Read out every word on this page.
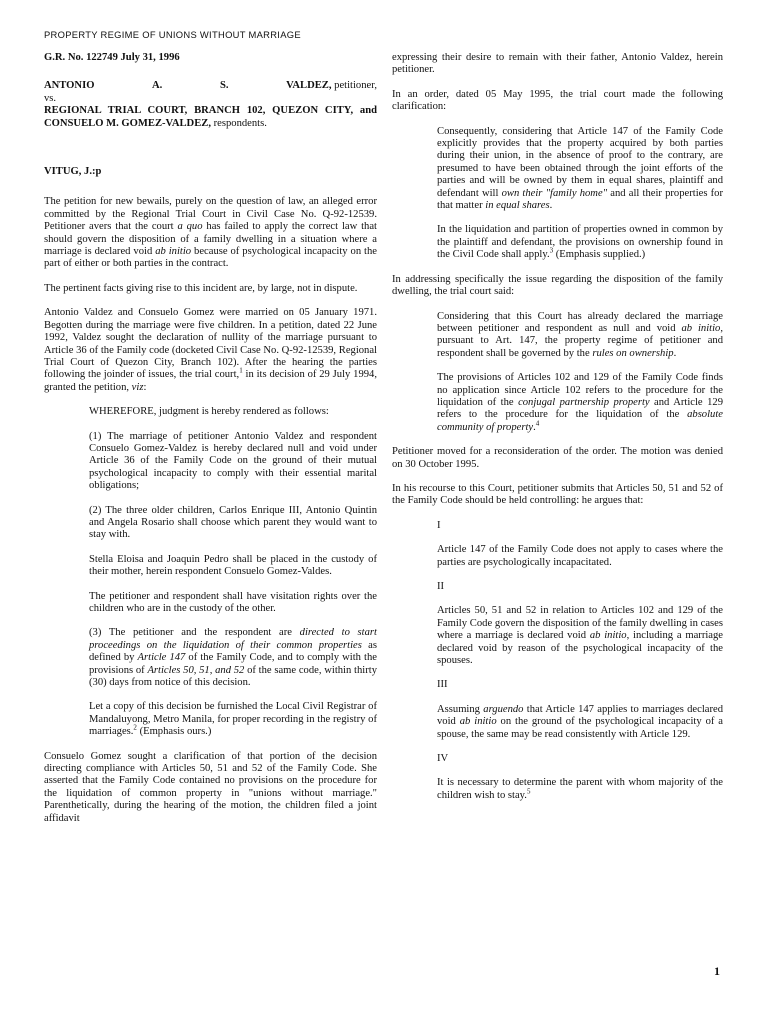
PROPERTY REGIME OF UNIONS WITHOUT MARRIAGE

G.R. No. 122749 July 31, 1996

ANTONIO	A.	S.	VALDEZ, petitioner,

vs.

REGIONAL TRIAL COURT, BRANCH 102, QUEZON CITY, and CONSUELO M. GOMEZ-VALDEZ, respondents.

VITUG, J.:p

The petition for new bewails, purely on the question of law, an alleged error committed by the Regional Trial Court in Civil Case No. Q-92-12539. Petitioner avers that the court a quo has failed to apply the correct law that should govern the disposition of a family dwelling in a situation where a marriage is declared void ab initio because of psychological incapacity on the part of either or both parties in the contract.

The pertinent facts giving rise to this incident are, by large, not in dispute.

Antonio Valdez and Consuelo Gomez were married on 05 January 1971. Begotten during the marriage were five children. In a petition, dated 22 June 1992, Valdez sought the declaration of nullity of the marriage pursuant to Article 36 of the Family code (docketed Civil Case No. Q-92-12539, Regional Trial Court of Quezon City, Branch 102). After the hearing the parties following the joinder of issues, the trial court,$^1$ in its decision of 29 July 1994, granted the petition, viz:

WHEREFORE, judgment is hereby rendered as follows:

(1) The marriage of petitioner Antonio Valdez and respondent Consuelo Gomez-Valdez is hereby declared null and void under Article 36 of the Family Code on the ground of their mutual psychological incapacity to comply with their essential marital obligations;

(2) The three older children, Carlos Enrique III, Antonio Quintin and Angela Rosario shall choose which parent they would want to stay with.

Stella Eloisa and Joaquin Pedro shall be placed in the custody of their mother, herein respondent Consuelo Gomez-Valdes.

The petitioner and respondent shall have visitation rights over the children who are in the custody of the other.

(3) The petitioner and the respondent are directed to start proceedings on the liquidation of their common properties as defined by Article 147 of the Family Code, and to comply with the provisions of Articles 50, 51, and 52 of the same code, within thirty (30) days from notice of this decision.

Let a copy of this decision be furnished the Local Civil Registrar of Mandaluyong, Metro Manila, for proper recording in the registry of marriages.$^2$ (Emphasis ours.)

Consuelo Gomez sought a clarification of that portion of the decision directing compliance with Articles 50, 51 and 52 of the Family Code. She asserted that the Family Code contained no provisions on the procedure for the liquidation of common property in "unions without marriage." Parenthetically, during the hearing of the motion, the children filed a joint affidavit

expressing their desire to remain with their father, Antonio Valdez, herein petitioner.

In an order, dated 05 May 1995, the trial court made the following clarification:

Consequently, considering that Article 147 of the Family Code explicitly provides that the property acquired by both parties during their union, in the absence of proof to the contrary, are presumed to have been obtained through the joint efforts of the parties and will be owned by them in equal shares, plaintiff and defendant will own their "family home" and all their properties for that matter in equal shares.

In the liquidation and partition of properties owned in common by the plaintiff and defendant, the provisions on ownership found in the Civil Code shall apply.$^3$ (Emphasis supplied.)

In addressing specifically the issue regarding the disposition of the family dwelling, the trial court said:

Considering that this Court has already declared the marriage between petitioner and respondent as null and void ab initio, pursuant to Art. 147, the property regime of petitioner and respondent shall be governed by the rules on ownership.

The provisions of Articles 102 and 129 of the Family Code finds no application since Article 102 refers to the procedure for the liquidation of the conjugal partnership property and Article 129 refers to the procedure for the liquidation of the absolute community of property.$^4$

Petitioner moved for a reconsideration of the order. The motion was denied on 30 October 1995.

In his recourse to this Court, petitioner submits that Articles 50, 51 and 52 of the Family Code should be held controlling: he argues that:

I

Article 147 of the Family Code does not apply to cases where the parties are psychologically incapacitated.

II

Articles 50, 51 and 52 in relation to Articles 102 and 129 of the Family Code govern the disposition of the family dwelling in cases where a marriage is declared void ab initio, including a marriage declared void by reason of the psychological incapacity of the spouses.

III

Assuming arguendo that Article 147 applies to marriages declared void ab initio on the ground of the psychological incapacity of a spouse, the same may be read consistently with Article 129.

IV

It is necessary to determine the parent with whom majority of the children wish to stay.$^5$

1
